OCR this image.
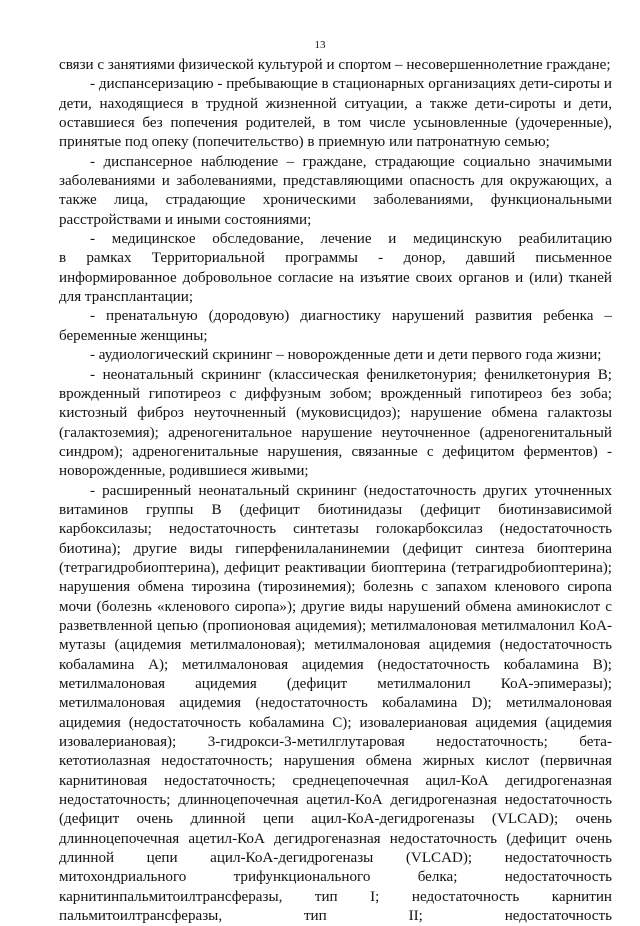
13
связи с занятиями физической культурой и спортом – несовершеннолетние граждане;
- диспансеризацию - пребывающие в стационарных организациях дети-сироты и
дети, находящиеся в трудной жизненной ситуации, а также дети-сироты и дети,
оставшиеся без попечения родителей, в том числе усыновленные (удочеренные),
принятые под опеку (попечительство) в приемную или патронатную семью;
- диспансерное наблюдение – граждане, страдающие социально значимыми
заболеваниями и заболеваниями, представляющими опасность для окружающих, а
также лица, страдающие хроническими заболеваниями, функциональными
расстройствами и иными состояниями;
- медицинское обследование, лечение и медицинскую реабилитацию
в рамках Территориальной программы - донор, давший письменное
информированное добровольное согласие на изъятие своих органов и (или) тканей
для трансплантации;
- пренатальную (дородовую) диагностику нарушений развития ребенка –
беременные женщины;
- аудиологический скрининг – новорожденные дети и дети первого года жизни;
- неонатальный скрининг (классическая фенилкетонурия; фенилкетонурия В;
врожденный гипотиреоз с диффузным зобом; врожденный гипотиреоз без зоба;
кистозный фиброз неуточненный (муковисцидоз); нарушение обмена галактозы
(галактоземия); адреногенитальное нарушение неуточненное (адреногенитальный
синдром); адреногенитальные нарушения, связанные с дефицитом ферментов) -
новорожденные, родившиеся живыми;
- расширенный неонатальный скрининг (недостаточность других уточненных
витаминов группы В (дефицит биотинидазы (дефицит биотинзависимой
карбоксилазы; недостаточность синтетазы голокарбоксилаз (недостаточность
биотина); другие виды гиперфенилаланинемии (дефицит синтеза биоптерина
(тетрагидробиоптерина), дефицит реактивации биоптерина (тетрагидробиоптерина);
нарушения обмена тирозина (тирозинемия); болезнь с запахом кленового сиропа
мочи (болезнь «кленового сиропа»); другие виды нарушений обмена аминокислот с
разветвленной цепью (пропионовая ацидемия); метилмалоновая метилмалонил КоА-
мутазы (ацидемия метилмалоновая); метилмалоновая ацидемия (недостаточность
кобаламина А); метилмалоновая ацидемия (недостаточность кобаламина В);
метилмалоновая ацидемия (дефицит метилмалонил КоА-эпимеразы);
метилмалоновая ацидемия (недостаточность кобаламина D); метилмалоновая
ацидемия (недостаточность кобаламина С); изовалериановая ацидемия (ацидемия
изовалериановая); 3-гидрокси-3-метилглутаровая недостаточность; бета-
кетотиолазная недостаточность; нарушения обмена жирных кислот (первичная
карнитиновая недостаточность; среднецепочечная ацил-КоА дегидрогеназная
недостаточность; длинноцепочечная ацетил-КоА дегидрогеназная недостаточность
(дефицит очень длинной цепи ацил-КоА-дегидрогеназы (VLCAD); очень
длинноцепочечная ацетил-КоА дегидрогеназная недостаточность (дефицит очень
длинной цепи ацил-КоА-дегидрогеназы (VLCAD); недостаточность
митохондриального трифункционального белка; недостаточность
карнитинпальмитоилтрансферазы, тип I; недостаточность карнитин
пальмитоилтрансферазы, тип II; недостаточность
